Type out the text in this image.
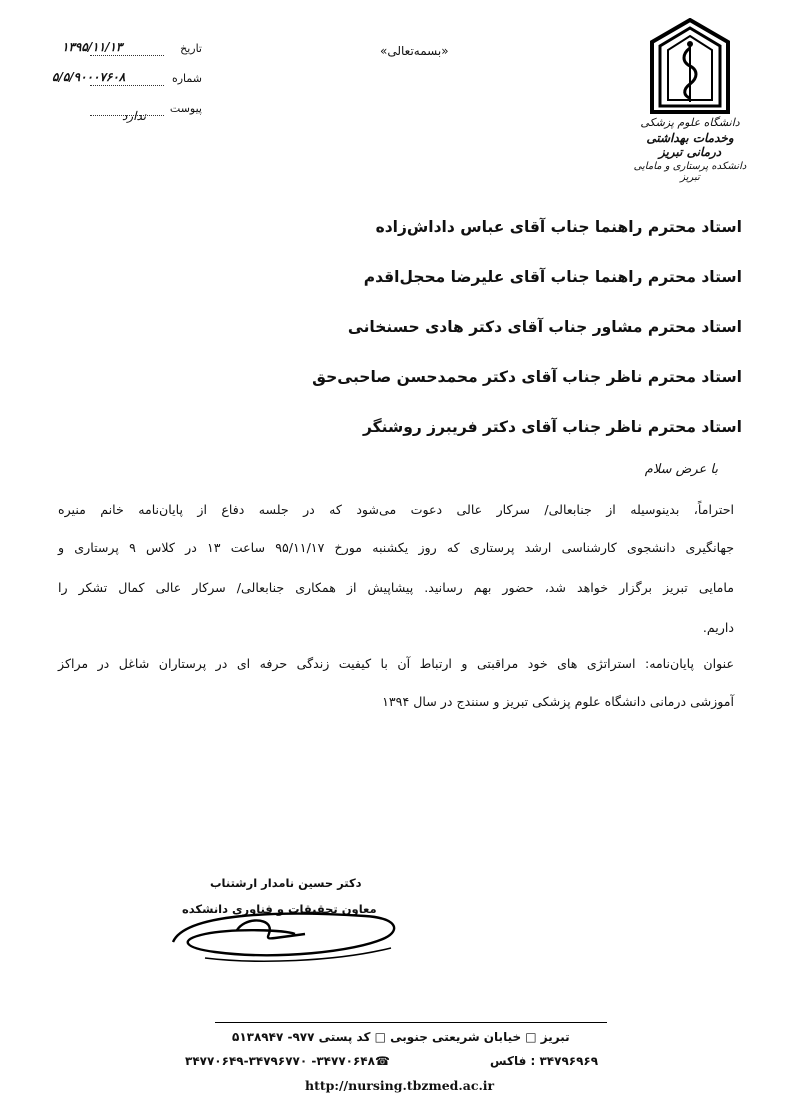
دانشگاه علوم پزشکی
وخدمات بهداشتی درمانی تبریز
دانشکده پرستاری و مامایی تبریز
«بسمه‌تعالی»
تاریخ
۱۳۹۵/۱۱/۱۳
شماره
۵/۵/۹۰۰۰۷۶۰۸
پیوست
ندارد
استاد محترم راهنما جناب آقای عباس داداش‌زاده
استاد محترم راهنما جناب آقای علیرضا محجل‌اقدم
استاد محترم مشاور جناب آقای دکتر هادی حسنخانی
استاد محترم ناظر جناب آقای دکتر محمدحسن صاحبی‌حق
استاد محترم ناظر جناب آقای دکتر فریبرز روشنگر
با عرض سلام
احتراماً، بدینوسیله از جنابعالی/ سرکار عالی دعوت می‌شود که در جلسه دفاع از پایان‌نامه خانم منیره
جهانگیری دانشجوی کارشناسی ارشد پرستاری که روز یکشنبه مورخ ۹۵/۱۱/۱۷ ساعت ۱۳ در کلاس ۹ پرستاری و
مامایی تبریز برگزار خواهد شد، حضور بهم رسانید. پیشاپیش از همکاری جنابعالی/ سرکار عالی کمال تشکر را
داریم.
عنوان پایان‌نامه: استراتژی های خود مراقبتی و ارتباط آن با کیفیت زندگی حرفه ای در پرستاران شاغل در مراکز
آموزشی درمانی دانشگاه علوم پزشکی تبریز و سنندج در سال ۱۳۹۴
دکتر حسین نامدار ارشتناب
معاون تحقیقات و فناوری دانشکده
تبریز □ خیابان شریعتی جنوبی □ کد پستی ۹۷۷- ۵۱۳۸۹۴۷
۳۴۷۹۶۹۶۹ : فاکس
☎۳۴۷۷۰۶۴۸- ۳۴۷۷۰۶۴۹-۳۴۷۹۶۷۷۰
http://nursing.tbzmed.ac.ir
